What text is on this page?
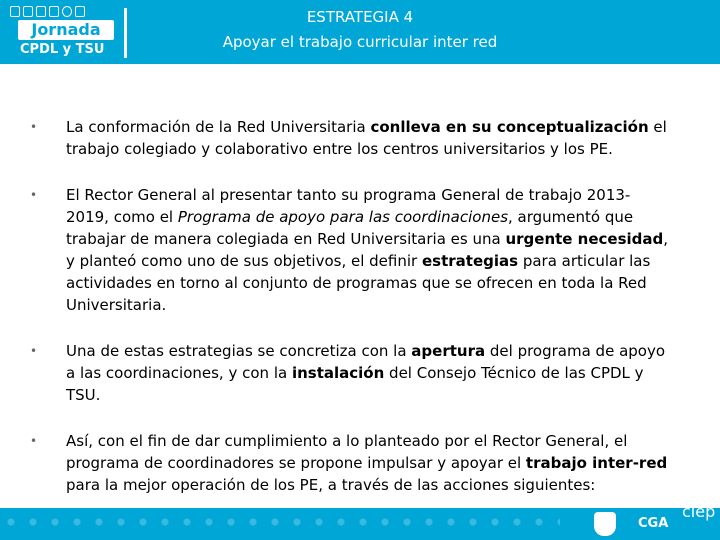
Jornada
CPDL y TSU
ESTRATEGIA 4
Apoyar el trabajo curricular inter red
• La conformación de la Red Universitaria conlleva en su conceptualización el trabajo colegiado y colaborativo entre los centros universitarios y los PE.
• El Rector General al presentar tanto su programa General de trabajo 2013- 2019, como el Programa de apoyo para las coordinaciones, argumentó que trabajar de manera colegiada en Red Universitaria es una urgente necesidad, y planteó como uno de sus objetivos, el definir estrategias para articular las actividades en torno al conjunto de programas que se ofrecen en toda la Red Universitaria.
• Una de estas estrategias se concretiza con la apertura del programa de apoyo a las coordinaciones, y con la instalación del Consejo Técnico de las CPDL y TSU.
• Así, con el fin de dar cumplimiento a lo planteado por el Rector General, el programa de coordinadores se propone impulsar y apoyar el trabajo inter-red para la mejor operación de los PE, a través de las acciones siguientes:
CGA
ciep
